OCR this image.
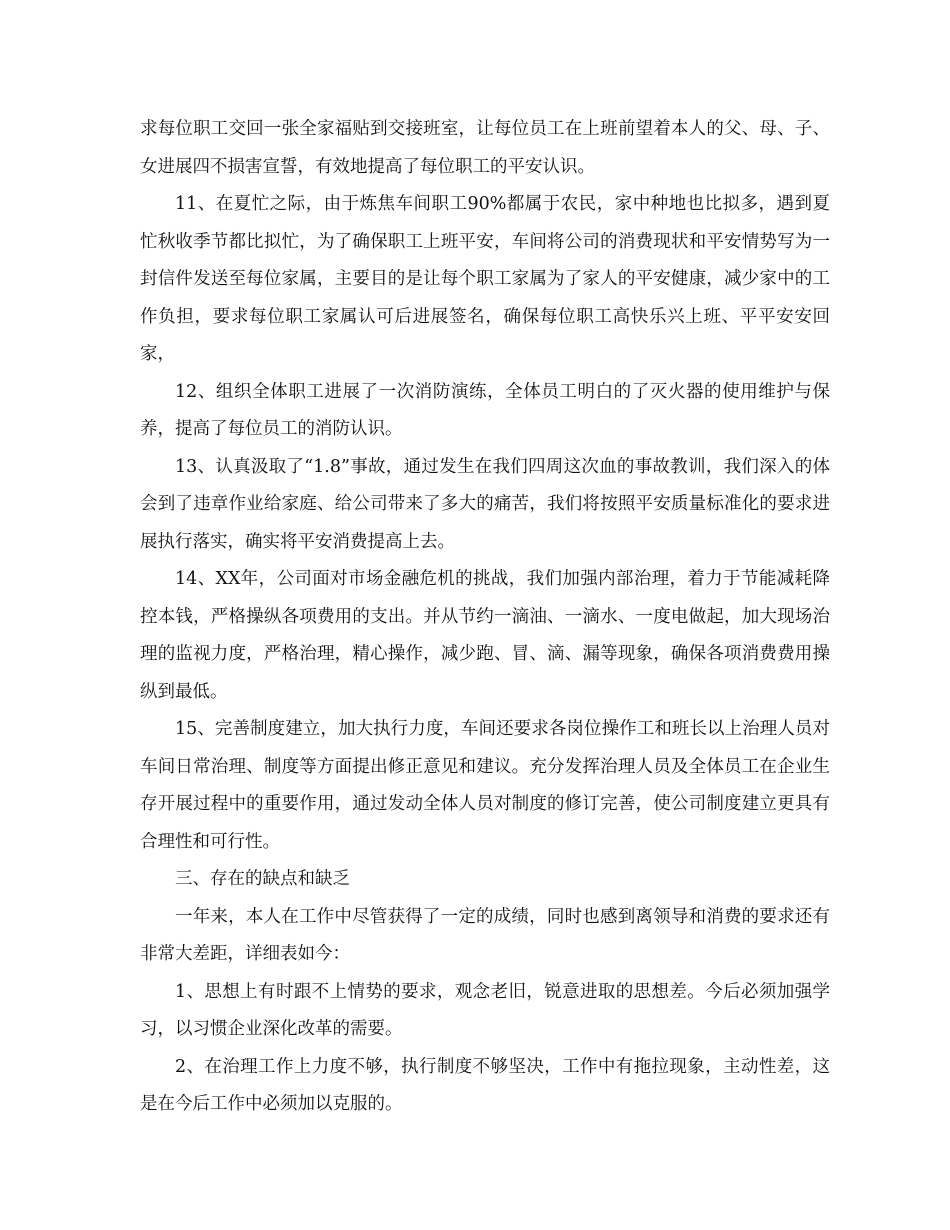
求每位职工交回一张全家福贴到交接班室，让每位员工在上班前望着本人的父、母、子、女进展四不损害宣誓，有效地提高了每位职工的平安认识。

11、在夏忙之际，由于炼焦车间职工90%都属于农民，家中种地也比拟多，遇到夏忙秋收季节都比拟忙，为了确保职工上班平安，车间将公司的消费现状和平安情势写为一封信件发送至每位家属，主要目的是让每个职工家属为了家人的平安健康，减少家中的工作负担，要求每位职工家属认可后进展签名，确保每位职工高快乐兴上班、平平安安回家，

12、组织全体职工进展了一次消防演练，全体员工明白的了灭火器的使用维护与保养，提高了每位员工的消防认识。

13、认真汲取了“1.8”事故，通过发生在我们四周这次血的事故教训，我们深入的体会到了违章作业给家庭、给公司带来了多大的痛苦，我们将按照平安质量标准化的要求进展执行落实，确实将平安消费提高上去。

14、XX年，公司面对市场金融危机的挑战，我们加强内部治理，着力于节能减耗降控本钱，严格操纵各项费用的支出。并从节约一滴油、一滴水、一度电做起，加大现场治理的监视力度，严格治理，精心操作，减少跑、冒、滴、漏等现象，确保各项消费费用操纵到最低。

15、完善制度建立，加大执行力度，车间还要求各岗位操作工和班长以上治理人员对车间日常治理、制度等方面提出修正意见和建议。充分发挥治理人员及全体员工在企业生存开展过程中的重要作用，通过发动全体人员对制度的修订完善，使公司制度建立更具有合理性和可行性。

三、存在的缺点和缺乏

一年来，本人在工作中尽管获得了一定的成绩，同时也感到离领导和消费的要求还有非常大差距，详细表如今：

1、思想上有时跟不上情势的要求，观念老旧，锐意进取的思想差。今后必须加强学习，以习惯企业深化改革的需要。

2、在治理工作上力度不够，执行制度不够坚决，工作中有拖拉现象，主动性差，这是在今后工作中必须加以克服的。
